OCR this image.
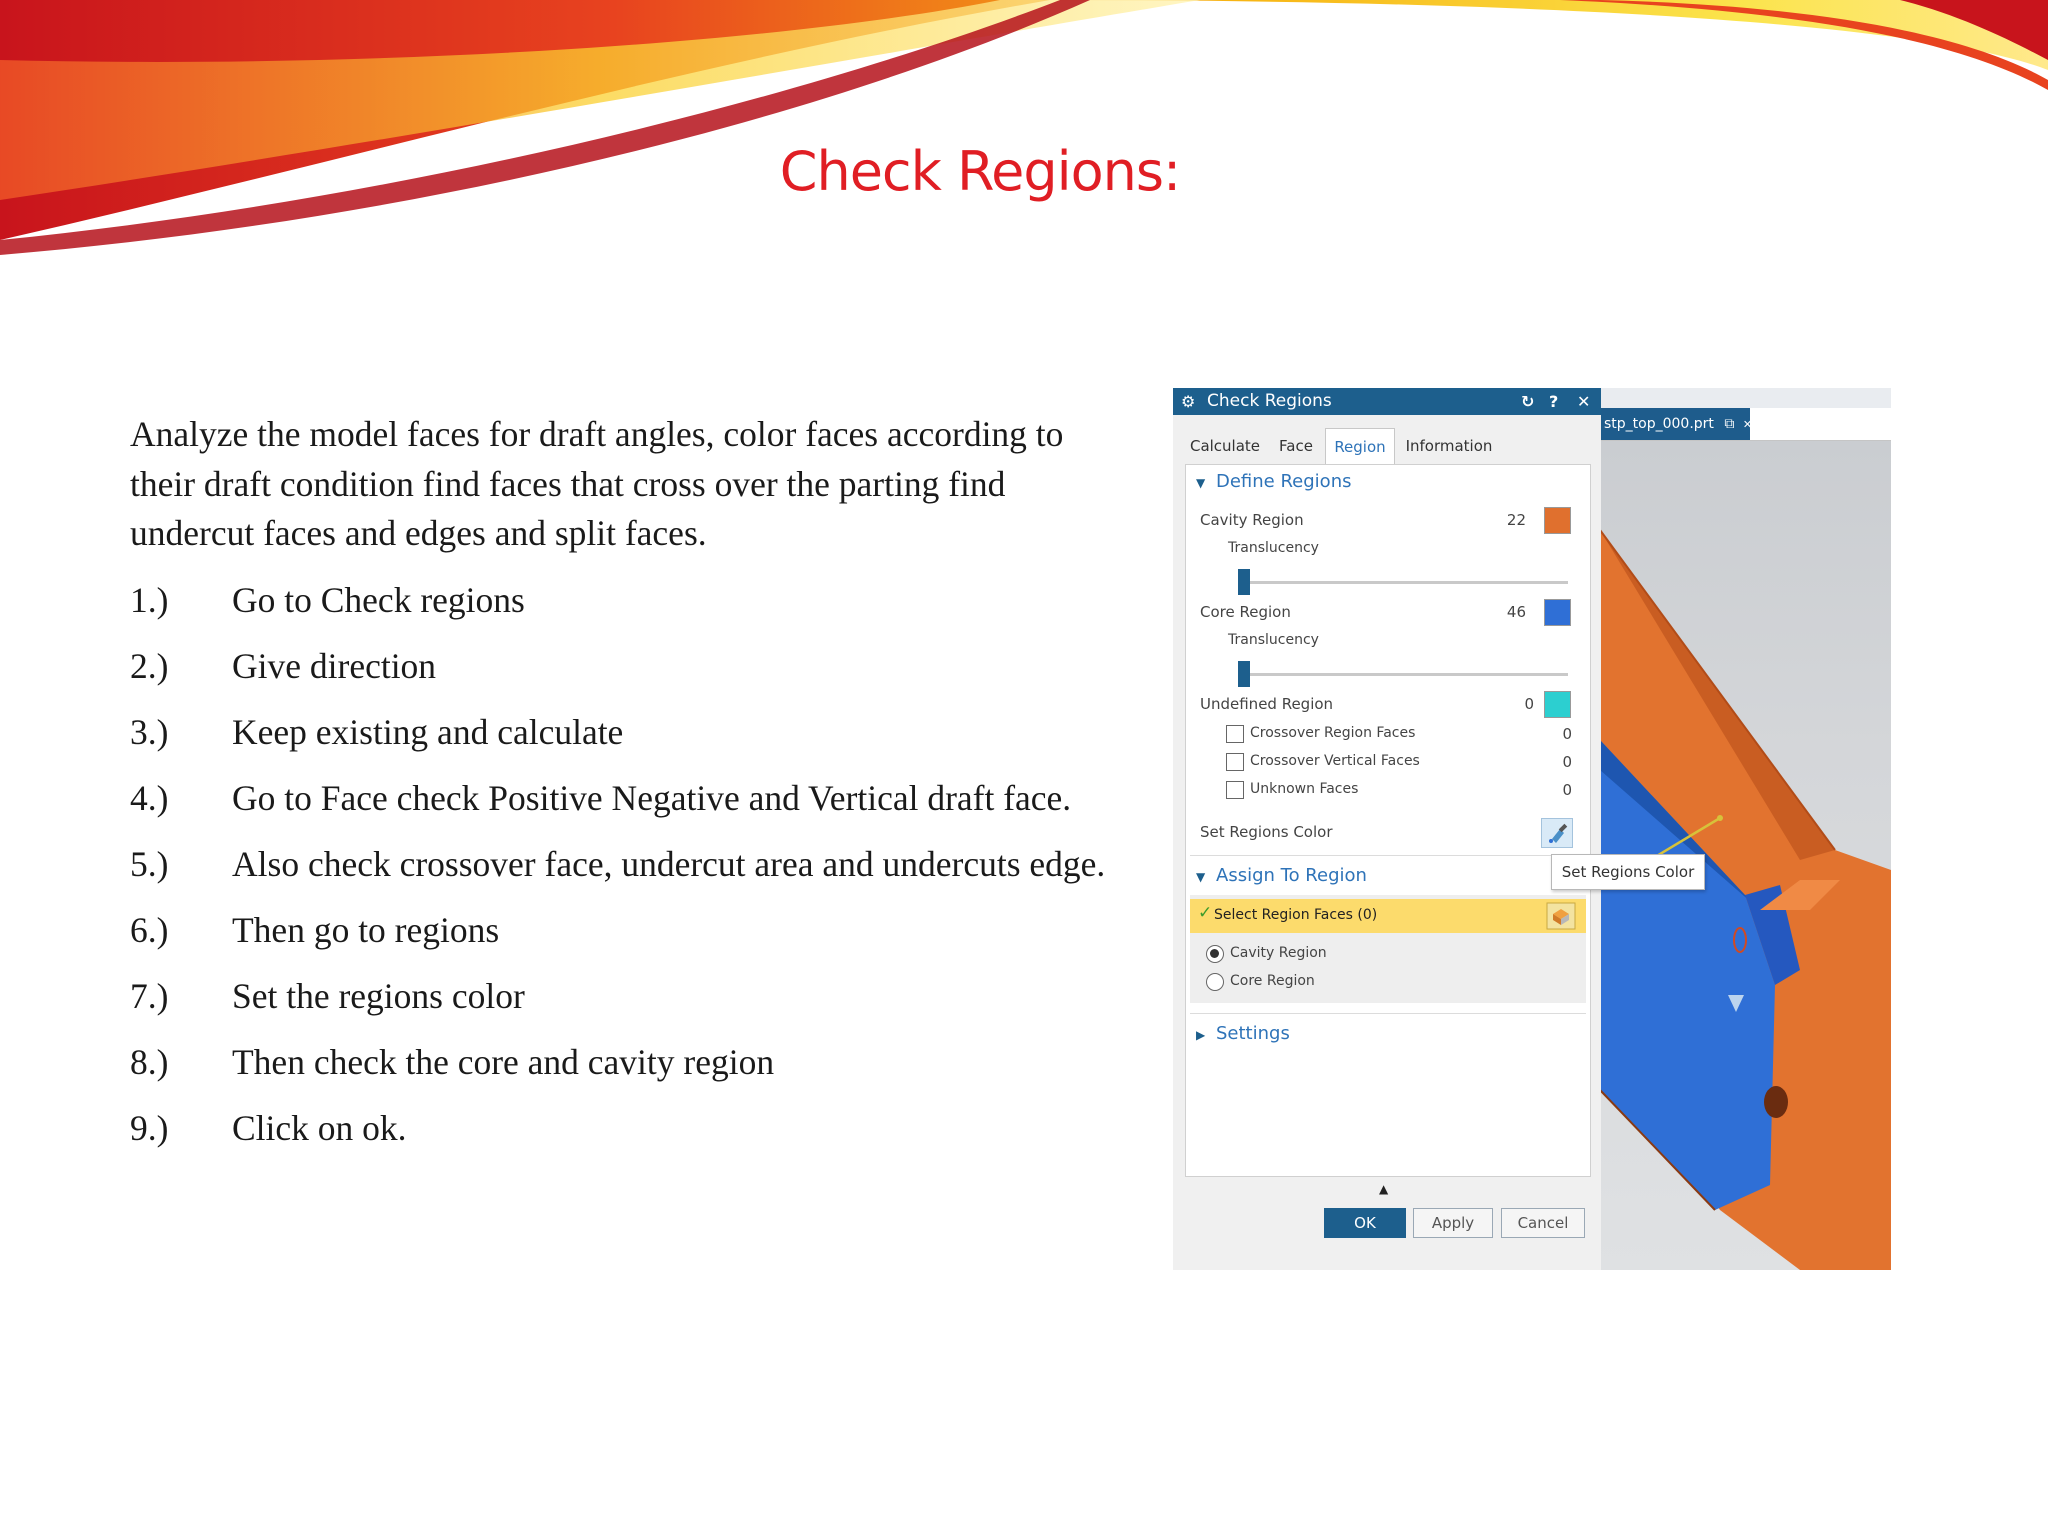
Check Regions:

Analyze the model faces for draft angles, color faces according to their draft condition find faces that cross over the parting find undercut faces and edges and split faces.

1.) Go to Check regions
2.) Give direction
3.) Keep existing and calculate
4.) Go to Face check Positive Negative and Vertical draft face.
5.) Also check crossover face, undercut area and undercuts edge.
6.) Then go to regions
7.) Set the regions color
8.) Then check the core and cavity region
9.) Click on ok.
stp_top_000.prt ⧉ ✕
⚙ Check Regions	↻ ? ✕
Calculate	Face	Region	Information
▼ Define Regions
Cavity Region	22
Translucency
Core Region	46
Translucency
Undefined Region	0
Crossover Region Faces	0
Crossover Vertical Faces	0
Unknown Faces	0
Set Regions Color
▼ Assign To Region
✓ Select Region Faces (0)
Cavity Region
Core Region
▶ Settings
Set Regions Color
▲
OK	Apply	Cancel
